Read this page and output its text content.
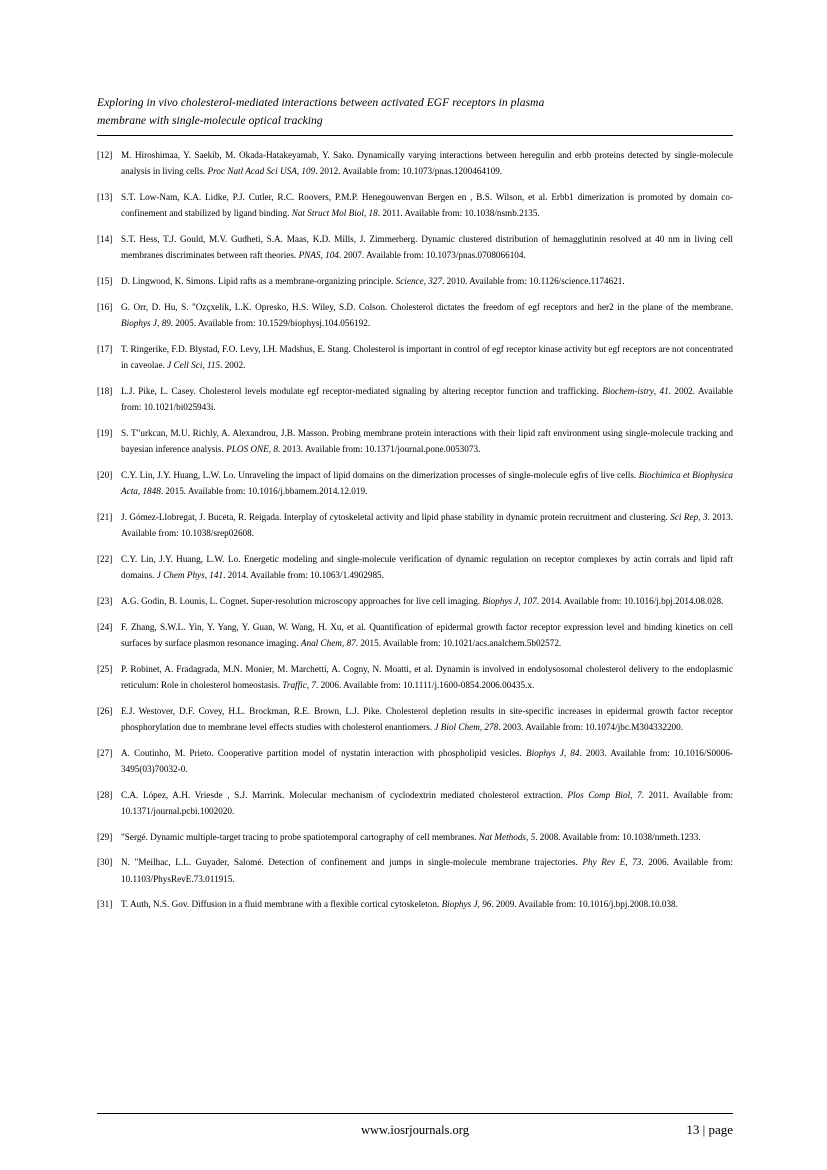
Exploring in vivo cholesterol-mediated interactions between activated EGF receptors in plasma
membrane with single-molecule optical tracking
[12] M. Hiroshimaa, Y. Saekib, M. Okada-Hatakeyamab, Y. Sako. Dynamically varying interactions between heregulin and erbb proteins detected by single-molecule analysis in living cells. Proc Natl Acad Sci USA, 109. 2012. Available from: 10.1073/pnas.1200464109.
[13] S.T. Low-Nam, K.A. Lidke, P.J. Cutler, R.C. Roovers, P.M.P. Henegouwenvan Bergen en , B.S. Wilson, et al. Erbb1 dimerization is promoted by domain co-confinement and stabilized by ligand binding. Nat Struct Mol Biol, 18. 2011. Available from: 10.1038/nsmb.2135.
[14] S.T. Hess, T.J. Gould, M.V. Gudheti, S.A. Maas, K.D. Mills, J. Zimmerberg. Dynamic clustered distribution of hemagglutinin resolved at 40 nm in living cell membranes discriminates between raft theories. PNAS, 104. 2007. Available from: 10.1073/pnas.0708066104.
[15] D. Lingwood, K. Simons. Lipid rafts as a membrane-organizing principle. Science, 327. 2010. Available from: 10.1126/science.1174621.
[16] G. Orr, D. Hu, S. "Ozçxelik, L.K. Opresko, H.S. Wiley, S.D. Colson. Cholesterol dictates the freedom of egf receptors and her2 in the plane of the membrane. Biophys J, 89. 2005. Available from: 10.1529/biophysj.104.056192.
[17] T. Ringerike, F.D. Blystad, F.O. Levy, I.H. Madshus, E. Stang. Cholesterol is important in control of egf receptor kinase activity but egf receptors are not concentrated in caveolae. J Cell Sci, 115. 2002.
[18] L.J. Pike, L. Casey. Cholesterol levels modulate egf receptor-mediated signaling by altering receptor function and trafficking. Biochem-istry, 41. 2002. Available from: 10.1021/bi025943i.
[19] S. T"urkcan, M.U. Richly, A. Alexandrou, J.B. Masson. Probing membrane protein interactions with their lipid raft environment using single-molecule tracking and bayesian inference analysis. PLOS ONE, 8. 2013. Available from: 10.1371/journal.pone.0053073.
[20] C.Y. Lin, J.Y. Huang, L.W. Lo. Unraveling the impact of lipid domains on the dimerization processes of single-molecule egfrs of live cells. Biochimica et Biophysica Acta, 1848. 2015. Available from: 10.1016/j.bbamem.2014.12.019.
[21] J. Gómez-Llobregat, J. Buceta, R. Reigada. Interplay of cytoskeletal activity and lipid phase stability in dynamic protein recruitment and clustering. Sci Rep, 3. 2013. Available from: 10.1038/srep02608.
[22] C.Y. Lin, J.Y. Huang, L.W. Lo. Energetic modeling and single-molecule verification of dynamic regulation on receptor complexes by actin corrals and lipid raft domains. J Chem Phys, 141. 2014. Available from: 10.1063/1.4902985.
[23] A.G. Godin, B. Lounis, L. Cognet. Super-resolution microscopy approaches for live cell imaging. Biophys J, 107. 2014. Available from: 10.1016/j.bpj.2014.08.028.
[24] F. Zhang, S.W.L. Yin, Y. Yang, Y. Guan, W. Wang, H. Xu, et al. Quantification of epidermal growth factor receptor expression level and binding kinetics on cell surfaces by surface plasmon resonance imaging. Anal Chem, 87. 2015. Available from: 10.1021/acs.analchem.5b02572.
[25] P. Robinet, A. Fradagrada, M.N. Monier, M. Marchetti, A. Cogny, N. Moatti, et al. Dynamin is involved in endolysosomal cholesterol delivery to the endoplasmic reticulum: Role in cholesterol homeostasis. Traffic, 7. 2006. Available from: 10.1111/j.1600-0854.2006.00435.x.
[26] E.J. Westover, D.F. Covey, H.L. Brockman, R.E. Brown, L.J. Pike. Cholesterol depletion results in site-specific increases in epidermal growth factor receptor phosphorylation due to membrane level effects studies with cholesterol enantiomers. J Biol Chem, 278. 2003. Available from: 10.1074/jbc.M304332200.
[27] A. Coutinho, M. Prieto. Cooperative partition model of nystatin interaction with phospholipid vesicles. Biophys J, 84. 2003. Available from: 10.1016/S0006-3495(03)70032-0.
[28] C.A. López, A.H. Vriesde , S.J. Marrink. Molecular mechanism of cyclodextrin mediated cholesterol extraction. Plos Comp Biol, 7. 2011. Available from: 10.1371/journal.pcbi.1002020.
[29] "Sergé. Dynamic multiple-target tracing to probe spatiotemporal cartography of cell membranes. Nat Methods, 5. 2008. Available from: 10.1038/nmeth.1233.
[30] N. "Meilhac, L.L. Guyader, Salomé. Detection of confinement and jumps in single-molecule membrane trajectories. Phy Rev E, 73. 2006. Available from: 10.1103/PhysRevE.73.011915.
[31] T. Auth, N.S. Gov. Diffusion in a fluid membrane with a flexible cortical cytoskeleton. Biophys J, 96. 2009. Available from: 10.1016/j.bpj.2008.10.038.
www.iosrjournals.org	13 | page
